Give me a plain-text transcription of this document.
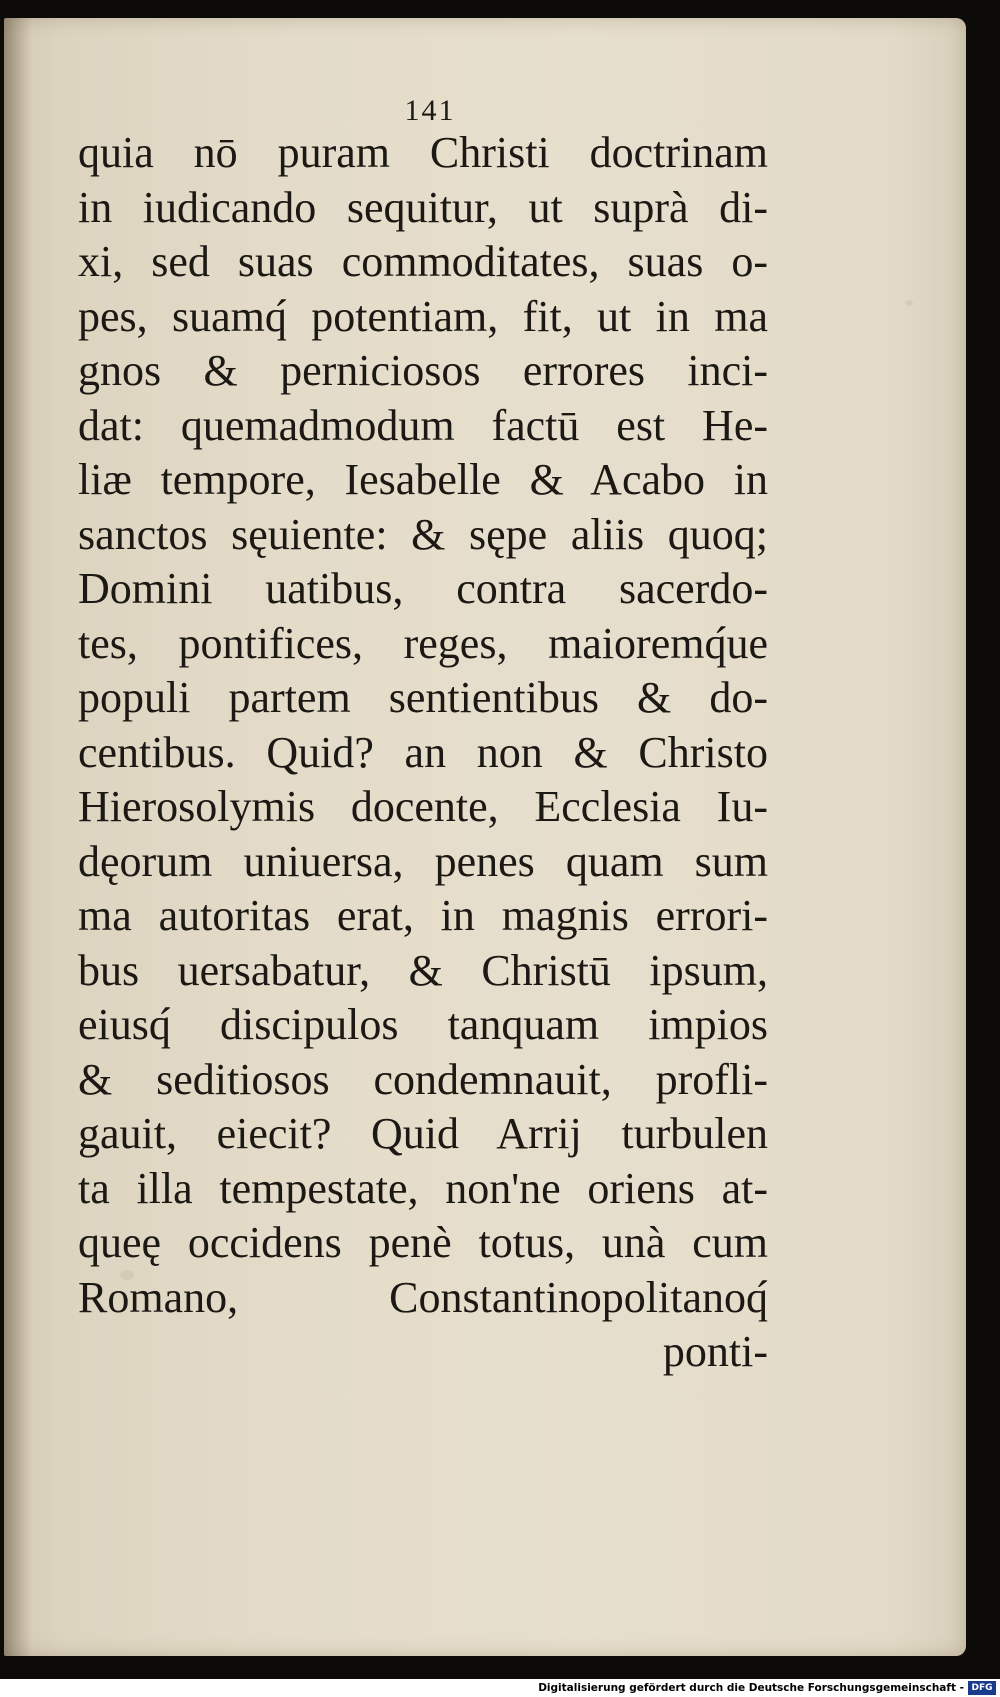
141
quia nō puram Christi doctrinam
in iudicando sequitur, ut suprà di-
xi, sed suas commoditates, suas o-
pes, suamq́ potentiam, fit, ut in ma
gnos & perniciosos errores inci-
dat: quemadmodum factū est He-
liæ tempore, Iesabelle & Acabo in
sanctos sęuiente: & sępe aliis quoq;
Domini uatibus, contra sacerdo-
tes, pontifices, reges, maioremq́ue
populi partem sentientibus & do-
centibus. Quid? an non & Christo
Hierosolymis docente, Ecclesia Iu-
dęorum uniuersa, penes quam sum
ma autoritas erat, in magnis errori-
bus uersabatur, & Christū ipsum,
eiusq́ discipulos tanquam impios
& seditiosos condemnauit, profli-
gauit, eiecit? Quid Arrij turbulen
ta illa tempestate, non'ne oriens at-
queę occidens penè totus, unà cum
Romano, Constantinopolitanoq́
ponti-
Digitalisierung gefördert durch die Deutsche Forschungsgemeinschaft - DFG
